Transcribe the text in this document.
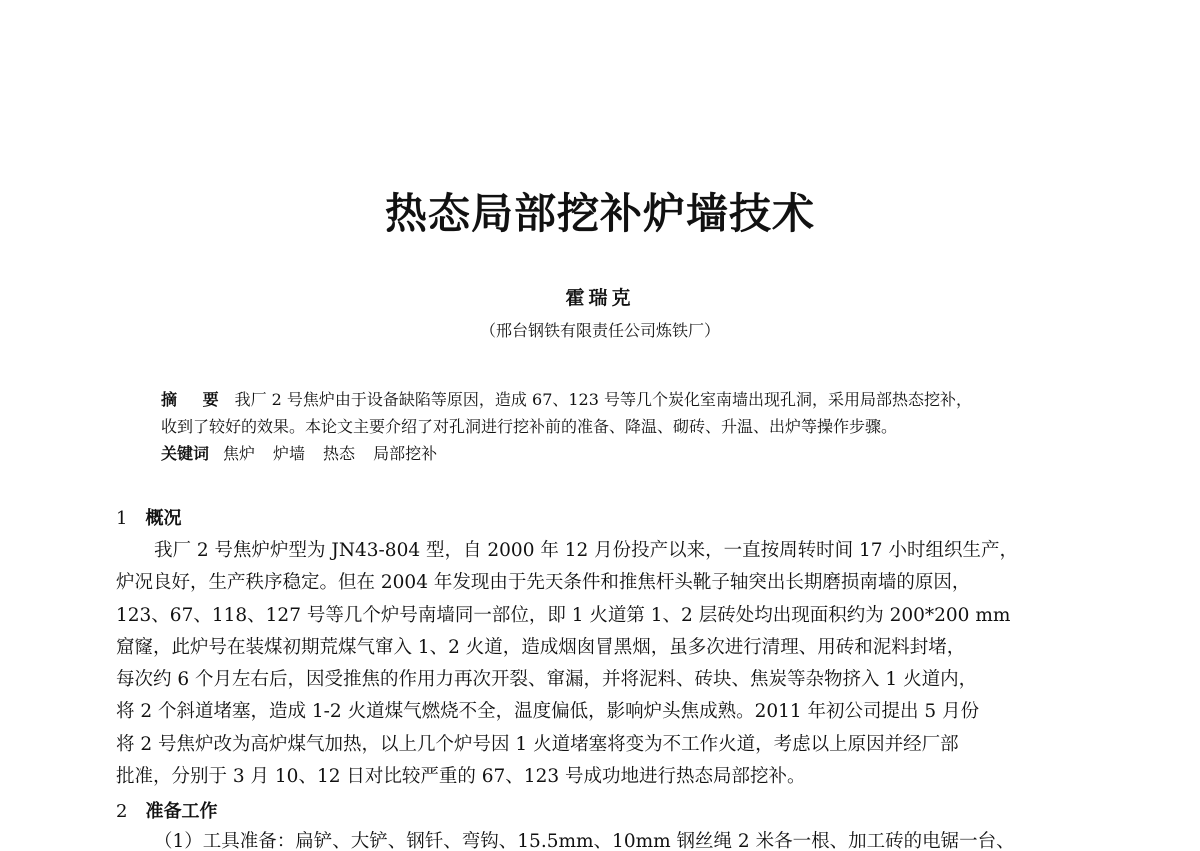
热态局部挖补炉墙技术
霍瑞克
（邢台钢铁有限责任公司炼铁厂）

摘 要 我厂 2 号焦炉由于设备缺陷等原因，造成 67、123 号等几个炭化室南墙出现孔洞，采用局部热态挖补，

收到了较好的效果。本论文主要介绍了对孔洞进行挖补前的准备、降温、砌砖、升温、出炉等操作步骤。

关键词 焦炉 炉墙 热态 局部挖补

1 概况
我厂 2 号焦炉炉型为 JN43-804 型，自 2000 年 12 月份投产以来，一直按周转时间 17 小时组织生产，
炉况良好，生产秩序稳定。但在 2004 年发现由于先天条件和推焦杆头靴子轴突出长期磨损南墙的原因，
123、67、118、127 号等几个炉号南墙同一部位，即 1 火道第 1、2 层砖处均出现面积约为 200*200 mm
窟窿，此炉号在装煤初期荒煤气窜入 1、2 火道，造成烟囱冒黑烟，虽多次进行清理、用砖和泥料封堵，
每次约 6 个月左右后，因受推焦的作用力再次开裂、窜漏，并将泥料、砖块、焦炭等杂物挤入 1 火道内，
将 2 个斜道堵塞，造成 1-2 火道煤气燃烧不全，温度偏低，影响炉头焦成熟。2011 年初公司提出 5 月份
将 2 号焦炉改为高炉煤气加热，以上几个炉号因 1 火道堵塞将变为不工作火道，考虑以上原因并经厂部
批准，分别于 3 月 10、12 日对比较严重的 67、123 号成功地进行热态局部挖补。
2 准备工作
（1）工具准备：扁铲、大铲、钢钎、弯钩、15.5mm、10mm 钢丝绳 2 米各一根、加工砖的电锯一台、
